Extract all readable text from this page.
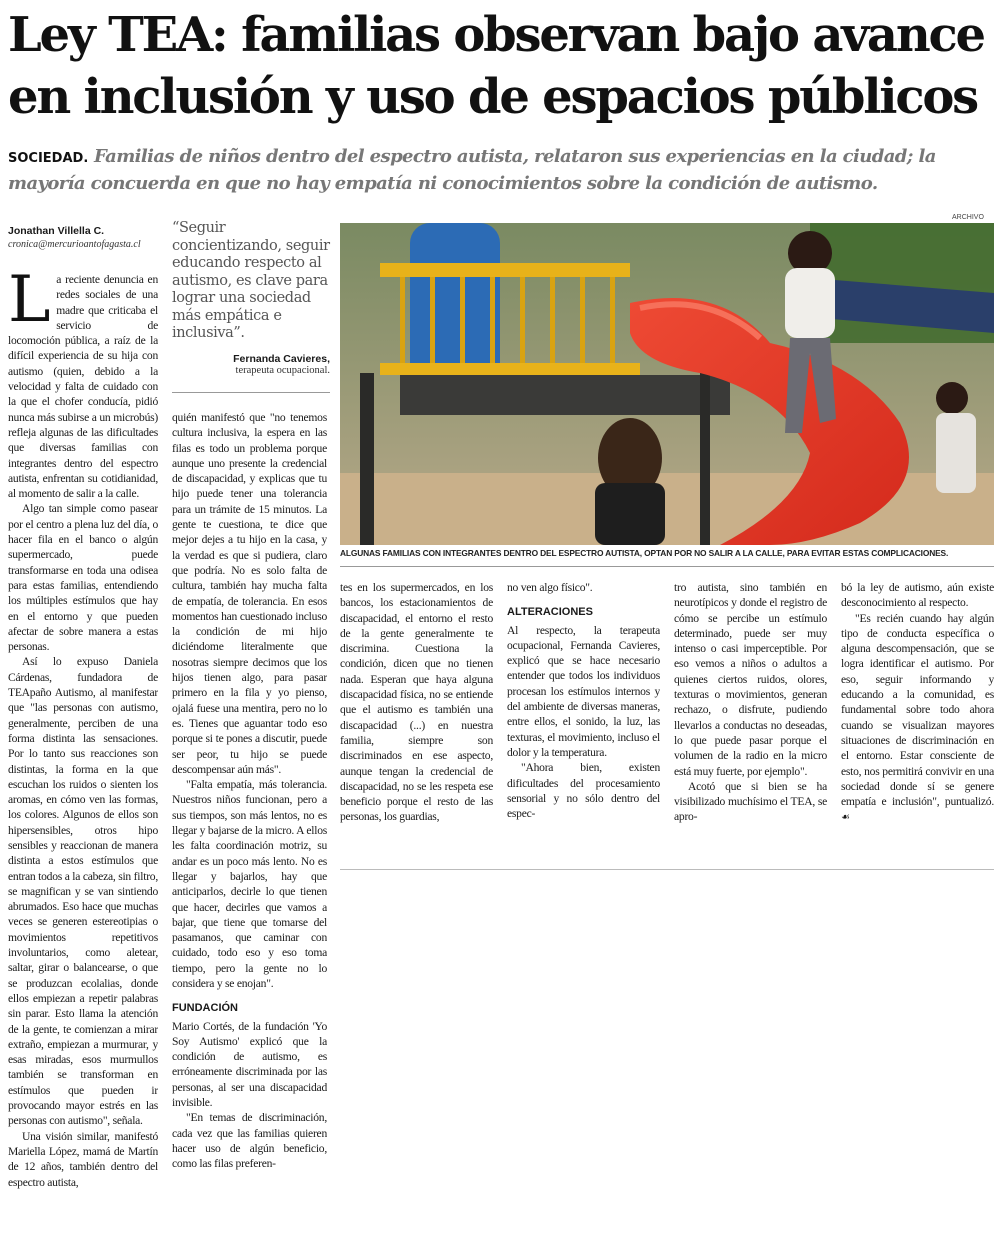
Ley TEA: familias observan bajo avance
en inclusión y uso de espacios públicos
SOCIEDAD. Familias de niños dentro del espectro autista, relataron sus experiencias en la ciudad; la mayoría concuerda en que no hay empatía ni conocimientos sobre la condición de autismo.
Jonathan Villella C.
cronica@mercurioantofagasta.cl

La reciente denuncia en redes sociales de una madre que criticaba el servicio de locomoción pública, a raíz de la difícil experiencia de su hija con autismo (quien, debido a la velocidad y falta de cuidado con la que el chofer conducía, pidió nunca más subirse a un microbús) refleja algunas de las dificultades que diversas familias con integrantes dentro del espectro autista, enfrentan su cotidianidad, al momento de salir a la calle.

Algo tan simple como pasear por el centro a plena luz del día, o hacer fila en el banco o algún supermercado, puede transformarse en toda una odisea para estas familias, entendiendo los múltiples estímulos que hay en el entorno y que pueden afectar de sobre manera a estas personas.

Así lo expuso Daniela Cárdenas, fundadora de TEApaño Autismo, al manifestar que "las personas con autismo, generalmente, perciben de una forma distinta las sensaciones. Por lo tanto sus reacciones son distintas, la forma en la que escuchan los ruidos o sienten los aromas, en cómo ven las formas, los colores. Algunos de ellos son hipersensibles, otros hipo sensibles y reaccionan de manera distinta a estos estímulos que entran todos a la cabeza, sin filtro, se magnifican y se van sintiendo abrumados. Eso hace que muchas veces se generen estereotipias o movimientos repetitivos involuntarios, como aletear, saltar, girar o balancearse, o que se produzcan ecolalias, donde ellos empiezan a repetir palabras sin parar. Esto llama la atención de la gente, te comienzan a mirar extraño, empiezan a murmurar, y esas miradas, esos murmullos también se transforman en estímulos que pueden ir provocando mayor estrés en las personas con autismo", señala.

Una visión similar, manifestó Mariella López, mamá de Martín de 12 años, también dentro del espectro autista,

“Seguir concientizando, seguir educando respecto al autismo, es clave para lograr una sociedad más empática e inclusiva”.
Fernanda Cavieres,
terapeuta ocupacional.

quién manifestó que "no tenemos cultura inclusiva, la espera en las filas es todo un problema porque aunque uno presente la credencial de discapacidad, y explicas que tu hijo puede tener una tolerancia para un trámite de 15 minutos. La gente te cuestiona, te dice que mejor dejes a tu hijo en la casa, y la verdad es que si pudiera, claro que podría. No es solo falta de cultura, también hay mucha falta de empatía, de tolerancia. En esos momentos han cuestionado incluso la condición de mi hijo diciéndome literalmente que nosotras siempre decimos que los hijos tienen algo, para pasar primero en la fila y yo pienso, ojalá fuese una mentira, pero no lo es. Tienes que aguantar todo eso porque si te pones a discutir, puede ser peor, tu hijo se puede descompensar aún más".

"Falta empatía, más tolerancia. Nuestros niños funcionan, pero a sus tiempos, son más lentos, no es llegar y bajarse de la micro. A ellos les falta coordinación motriz, su andar es un poco más lento. No es llegar y bajarlos, hay que anticiparlos, decirle lo que tienen que hacer, decirles que vamos a bajar, que tiene que tomarse del pasamanos, que caminar con cuidado, todo eso y eso toma tiempo, pero la gente no lo considera y se enojan".

FUNDACIÓN

Mario Cortés, de la fundación 'Yo Soy Autismo' explicó que la condición de autismo, es erróneamente discriminada por las personas, al ser una discapacidad invisible.

"En temas de discriminación, cada vez que las familias quieren hacer uso de algún beneficio, como las filas preferen-

ARCHIVO
ALGUNAS FAMILIAS CON INTEGRANTES DENTRO DEL ESPECTRO AUTISTA, OPTAN POR NO SALIR A LA CALLE, PARA EVITAR ESTAS COMPLICACIONES.

tes en los supermercados, en los bancos, los estacionamientos de discapacidad, el entorno el resto de la gente generalmente te discrimina. Cuestiona la condición, dicen que no tienen nada. Esperan que haya alguna discapacidad física, no se entiende que el autismo es también una discapacidad (...) en nuestra familia, siempre son discriminados en ese aspecto, aunque tengan la credencial de discapacidad, no se les respeta ese beneficio porque el resto de las personas, los guardias,

no ven algo físico".

ALTERACIONES

Al respecto, la terapeuta ocupacional, Fernanda Cavieres, explicó que se hace necesario entender que todos los individuos procesan los estímulos internos y del ambiente de diversas maneras, entre ellos, el sonido, la luz, las texturas, el movimiento, incluso el dolor y la temperatura.

"Ahora bien, existen dificultades del procesamiento sensorial y no sólo dentro del espec-

tro autista, sino también en neurotípicos y donde el registro de cómo se percibe un estímulo determinado, puede ser muy intenso o casi imperceptible. Por eso vemos a niños o adultos a quienes ciertos ruidos, olores, texturas o movimientos, generan rechazo, o disfrute, pudiendo llevarlos a conductas no deseadas, lo que puede pasar porque el volumen de la radio en la micro está muy fuerte, por ejemplo".

Acotó que si bien se ha visibilizado muchísimo el TEA, se apro-

bó la ley de autismo, aún existe desconocimiento al respecto.

"Es recién cuando hay algún tipo de conducta específica o alguna descompensación, que se logra identificar el autismo. Por eso, seguir informando y educando a la comunidad, es fundamental sobre todo ahora cuando se visualizan mayores situaciones de discriminación en el entorno. Estar consciente de esto, nos permitirá convivir en una sociedad donde sí se genere empatía e inclusión", puntualizó. ☙
